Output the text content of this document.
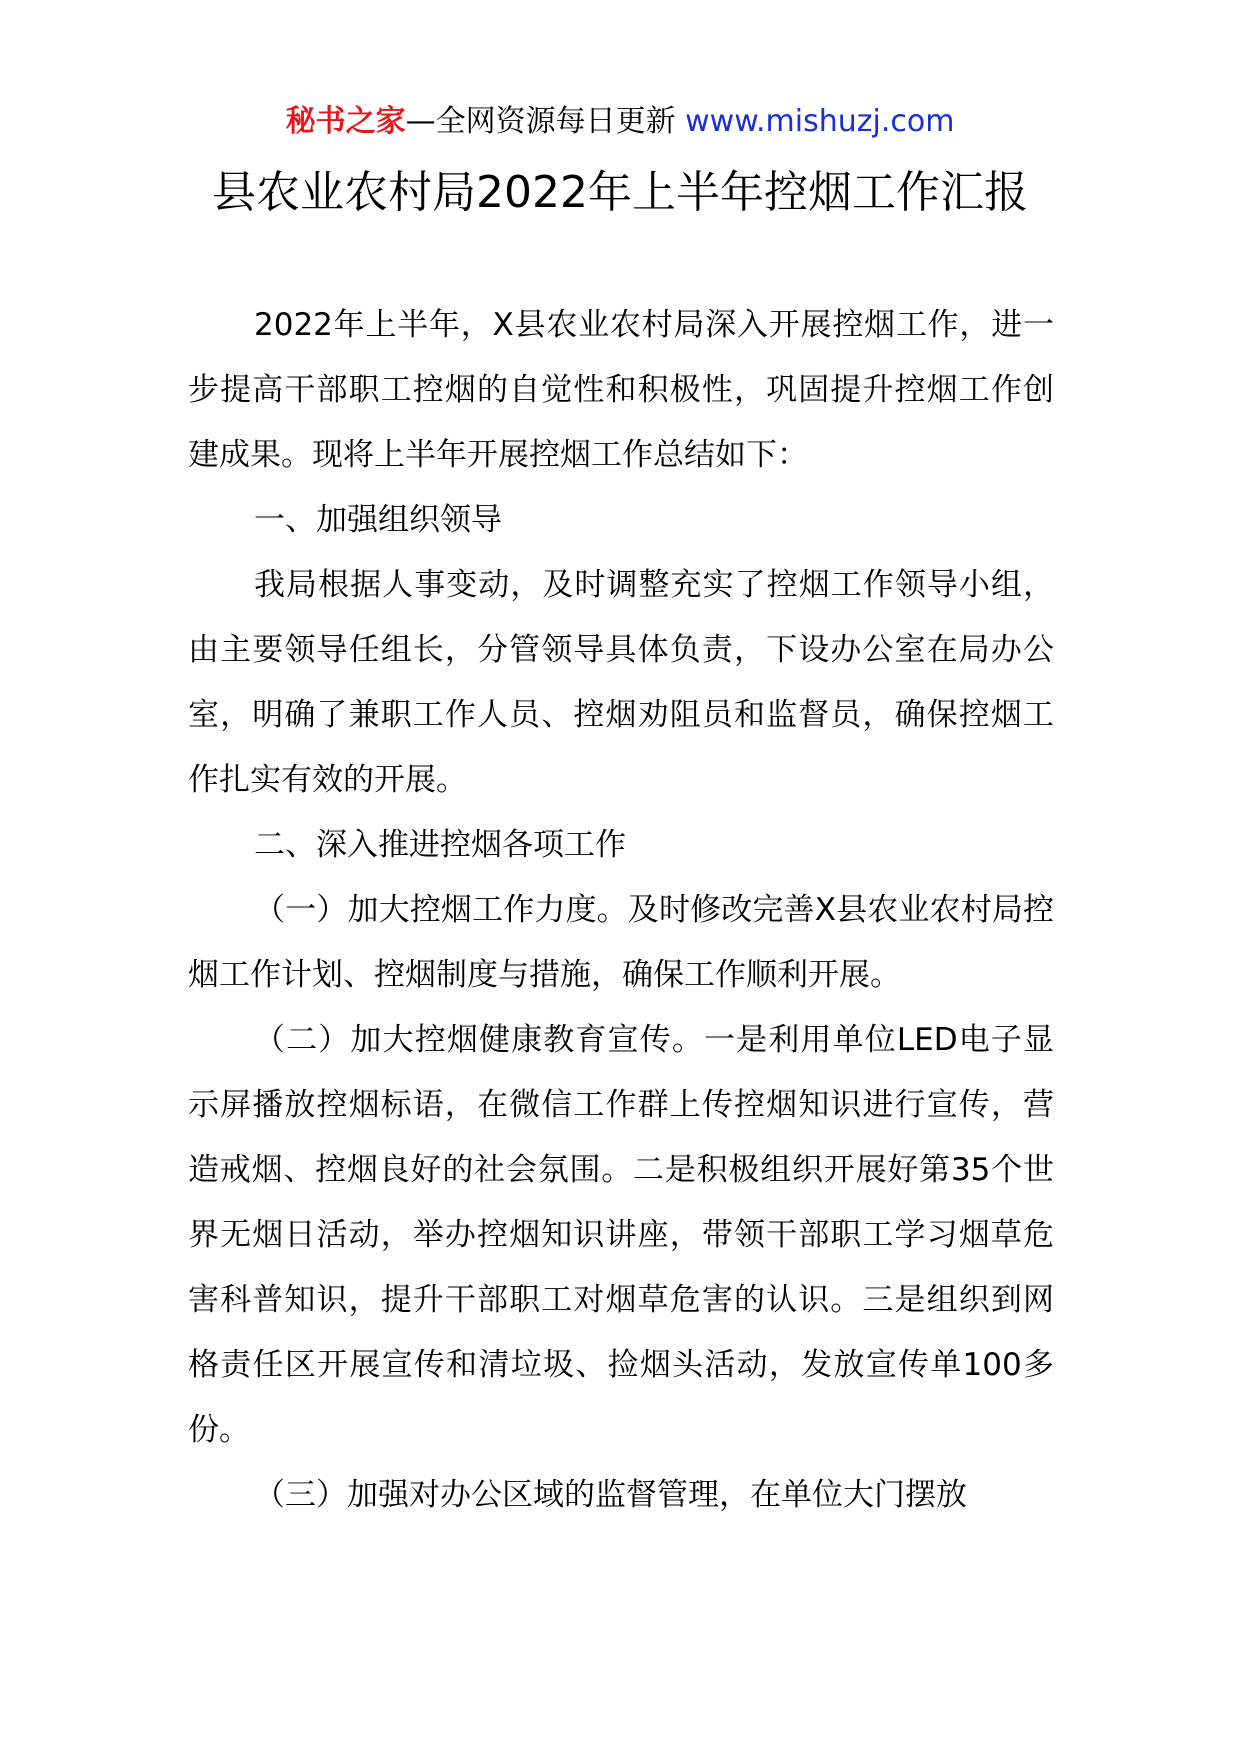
秘书之家—全网资源每日更新 www.mishuzj.com
县农业农村局2022年上半年控烟工作汇报

2022年上半年，X县农业农村局深入开展控烟工作，进一步提高干部职工控烟的自觉性和积极性，巩固提升控烟工作创建成果。现将上半年开展控烟工作总结如下：

一、加强组织领导

我局根据人事变动，及时调整充实了控烟工作领导小组，由主要领导任组长，分管领导具体负责，下设办公室在局办公室，明确了兼职工作人员、控烟劝阻员和监督员，确保控烟工作扎实有效的开展。

二、深入推进控烟各项工作

（一）加大控烟工作力度。及时修改完善X县农业农村局控烟工作计划、控烟制度与措施，确保工作顺利开展。

（二）加大控烟健康教育宣传。一是利用单位LED电子显示屏播放控烟标语，在微信工作群上传控烟知识进行宣传，营造戒烟、控烟良好的社会氛围。二是积极组织开展好第35个世界无烟日活动，举办控烟知识讲座，带领干部职工学习烟草危害科普知识，提升干部职工对烟草危害的认识。三是组织到网格责任区开展宣传和清垃圾、捡烟头活动，发放宣传单100多份。

（三）加强对办公区域的监督管理，在单位大门摆放
